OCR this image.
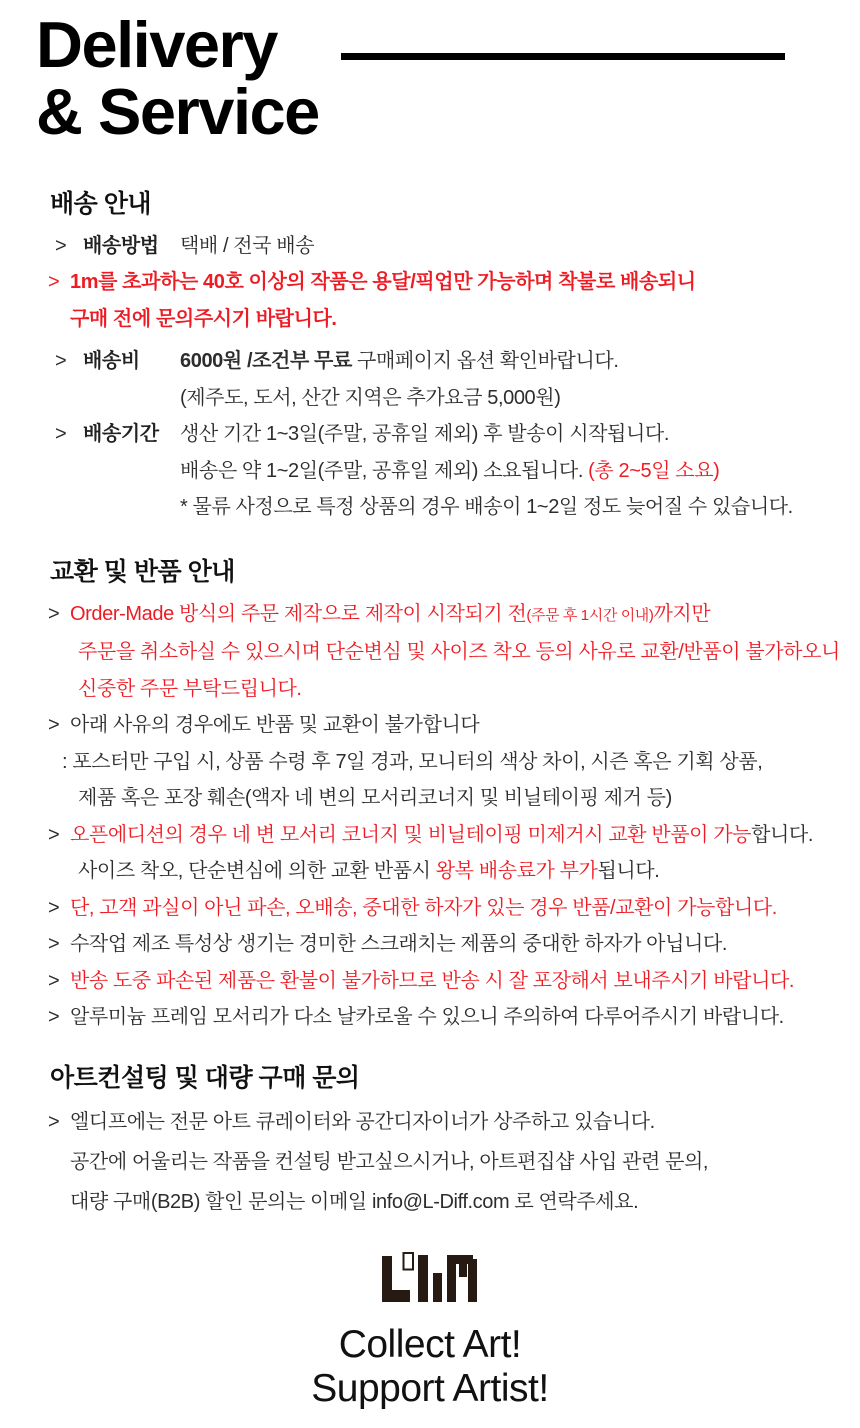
Delivery
& Service
배송 안내
> 배송방법	택배 / 전국 배송
> 1m를 초과하는 40호 이상의 작품은 용달/픽업만 가능하며 착불로 배송되니
구매 전에 문의주시기 바랍니다.
> 배송비	6000원 /조건부 무료 구매페이지 옵션 확인바랍니다.
(제주도, 도서, 산간 지역은 추가요금 5,000원)
> 배송기간	생산 기간 1~3일(주말, 공휴일 제외) 후 발송이 시작됩니다.
배송은 약 1~2일(주말, 공휴일 제외) 소요됩니다. (총 2~5일 소요)
* 물류 사정으로 특정 상품의 경우 배송이 1~2일 정도 늦어질 수 있습니다.
교환 및 반품 안내
> Order-Made 방식의 주문 제작으로 제작이 시작되기 전(주문 후 1시간 이내)까지만
주문을 취소하실 수 있으시며 단순변심 및 사이즈 착오 등의 사유로 교환/반품이 불가하오니
신중한 주문 부탁드립니다.
> 아래 사유의 경우에도 반품 및 교환이 불가합니다
: 포스터만 구입 시, 상품 수령 후 7일 경과, 모니터의 색상 차이, 시즌 혹은 기획 상품,
제품 혹은 포장 훼손(액자 네 변의 모서리코너지 및 비닐테이핑 제거 등)
> 오픈에디션의 경우 네 변 모서리 코너지 및 비닐테이핑 미제거시 교환 반품이 가능합니다.
사이즈 착오, 단순변심에 의한 교환 반품시 왕복 배송료가 부가됩니다.
> 단, 고객 과실이 아닌 파손, 오배송, 중대한 하자가 있는 경우 반품/교환이 가능합니다.
> 수작업 제조 특성상 생기는 경미한 스크래치는 제품의 중대한 하자가 아닙니다.
> 반송 도중 파손된 제품은 환불이 불가하므로 반송 시 잘 포장해서 보내주시기 바랍니다.
> 알루미늄 프레임 모서리가 다소 날카로울 수 있으니 주의하여 다루어주시기 바랍니다.
아트컨설팅 및 대량 구매 문의
> 엘디프에는 전문 아트 큐레이터와 공간디자이너가 상주하고 있습니다.
공간에 어울리는 작품을 컨설팅 받고싶으시거나, 아트편집샵 사입 관련 문의,
대량 구매(B2B) 할인 문의는 이메일 info@L-Diff.com 로 연락주세요.
Collect Art!
Support Artist!
